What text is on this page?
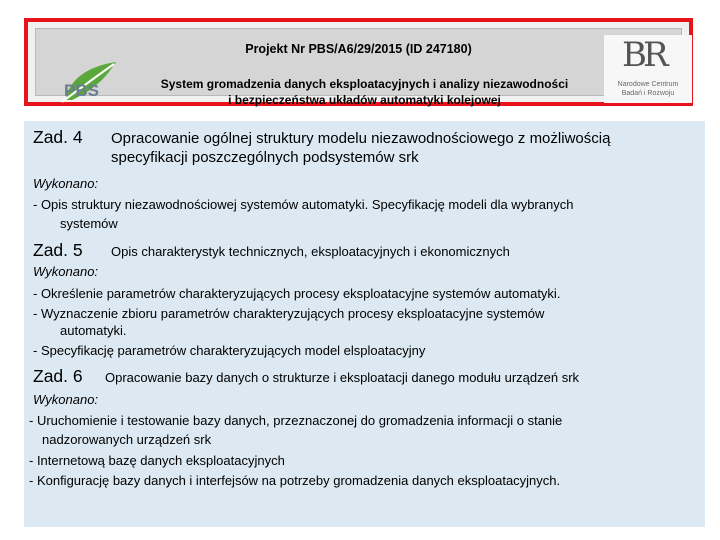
PBS
Projekt Nr PBS/A6/29/2015 (ID 247180)
System gromadzenia danych eksploatacyjnych i analizy niezawodności
i bezpieczeństwa układów automatyki kolejowej
BR
Narodowe Centrum
Badań i Rozwoju
Zad. 4 Opracowanie ogólnej struktury modelu niezawodnościowego z możliwością
specyfikacji poszczególnych podsystemów srk
Wykonano:
- Opis struktury niezawodnościowej systemów automatyki. Specyfikację modeli dla wybranych
systemów
Zad. 5 Opis charakterystyk technicznych, eksploatacyjnych i ekonomicznych
Wykonano:
- Określenie parametrów charakteryzujących procesy eksploatacyjne systemów automatyki.
- Wyznaczenie zbioru parametrów charakteryzujących procesy eksploatacyjne systemów
automatyki.
- Specyfikację parametrów charakteryzujących model elsploatacyjny
Zad. 6 Opracowanie bazy danych o strukturze i eksploatacji danego modułu urządzeń srk
Wykonano:
- Uruchomienie i testowanie bazy danych, przeznaczonej do gromadzenia informacji o stanie
nadzorowanych urządzeń srk
- Internetową bazę danych eksploatacyjnych
- Konfigurację bazy danych i interfejsów na potrzeby gromadzenia danych eksploatacyjnych.
